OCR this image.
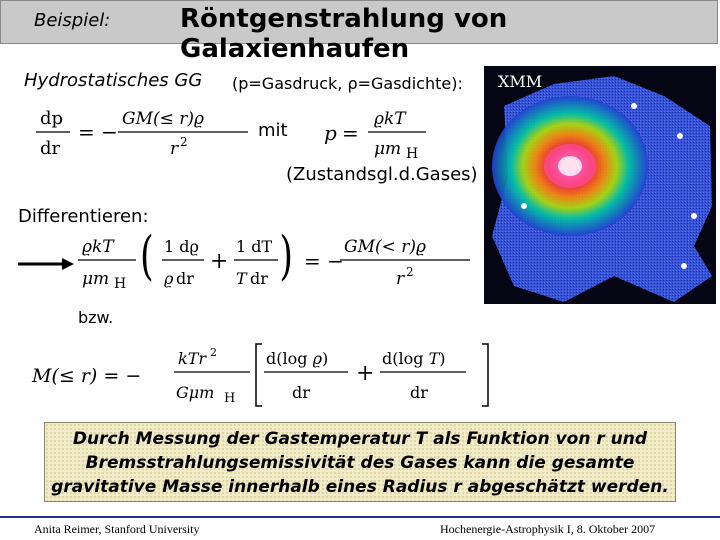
Beispiel:	Röntgenstrahlung von Galaxienhaufen
Hydrostatisches GG (p=Gasdruck, ρ=Gasdichte):
dp
dr
= −
GM(≤ r)ϱ
r 2
mit p =
ϱkT
μm H
(Zustandsgl.d.Gases)
Differentieren:
ϱkT
μm H ( 1 dϱ
ϱ dr
+
1 dT
T dr ) = −
GM(< r)ϱ
r 2
bzw.
M(≤ r) = −
kTr 2
Gμm H
d(log ϱ)
dr
+
d(log T)
dr
XMM
Durch Messung der Gastemperatur T als Funktion von r und
Bremsstrahlungsemissivität des Gases kann die gesamte
gravitative Masse innerhalb eines Radius r abgeschätzt werden.
Anita Reimer, Stanford University	Hochenergie-Astrophysik I, 8. Oktober 2007
